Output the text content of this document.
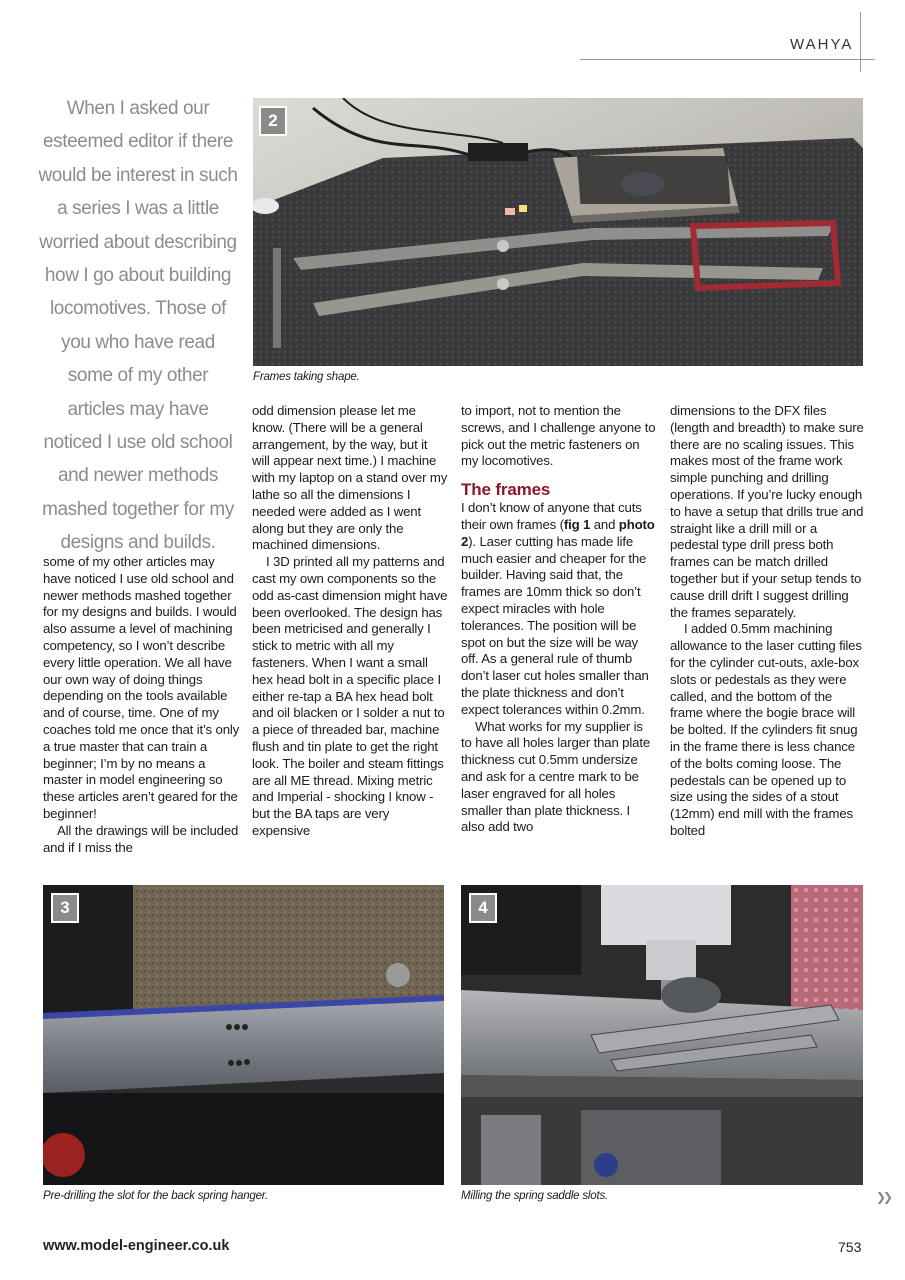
WAHYA
When I asked our esteemed editor if there would be interest in such a series I was a little worried about describing how I go about building locomotives. Those of you who have read some of my other articles may have noticed I use old school and newer methods mashed together for my designs and builds.
2
Frames taking shape.

some of my other articles may have noticed I use old school and newer methods mashed together for my designs and builds. I would also assume a level of machining competency, so I won’t describe every little operation. We all have our own way of doing things depending on the tools available and of course, time. One of my coaches told me once that it’s only a true master that can train a beginner; I’m by no means a master in model engineering so these articles aren’t geared for the beginner!

All the drawings will be included and if I miss the

odd dimension please let me know. (There will be a general arrangement, by the way, but it will appear next time.) I machine with my laptop on a stand over my lathe so all the dimensions I needed were added as I went along but they are only the machined dimensions.

I 3D printed all my patterns and cast my own components so the odd as-cast dimension might have been overlooked. The design has been metricised and generally I stick to metric with all my fasteners. When I want a small hex head bolt in a specific place I either re-tap a BA hex head bolt and oil blacken or I solder a nut to a piece of threaded bar, machine flush and tin plate to get the right look. The boiler and steam fittings are all ME thread. Mixing metric and Imperial - shocking I know - but the BA taps are very expensive

to import, not to mention the screws, and I challenge anyone to pick out the metric fasteners on my locomotives.

The frames

I don’t know of anyone that cuts their own frames (fig 1 and photo 2). Laser cutting has made life much easier and cheaper for the builder. Having said that, the frames are 10mm thick so don’t expect miracles with hole tolerances. The position will be spot on but the size will be way off. As a general rule of thumb don’t laser cut holes smaller than the plate thickness and don’t expect tolerances within 0.2mm.

What works for my supplier is to have all holes larger than plate thickness cut 0.5mm undersize and ask for a centre mark to be laser engraved for all holes smaller than plate thickness. I also add two

dimensions to the DFX files (length and breadth) to make sure there are no scaling issues. This makes most of the frame work simple punching and drilling operations. If you’re lucky enough to have a setup that drills true and straight like a drill mill or a pedestal type drill press both frames can be match drilled together but if your setup tends to cause drill drift I suggest drilling the frames separately.

I added 0.5mm machining allowance to the laser cutting files for the cylinder cut-outs, axle-box slots or pedestals as they were called, and the bottom of the frame where the bogie brace will be bolted. If the cylinders fit snug in the frame there is less chance of the bolts coming loose. The pedestals can be opened up to size using the sides of a stout (12mm) end mill with the frames bolted

3
Pre-drilling the slot for the back spring hanger.
4
Milling the spring saddle slots.	❯❯
www.model-engineer.co.uk	753
